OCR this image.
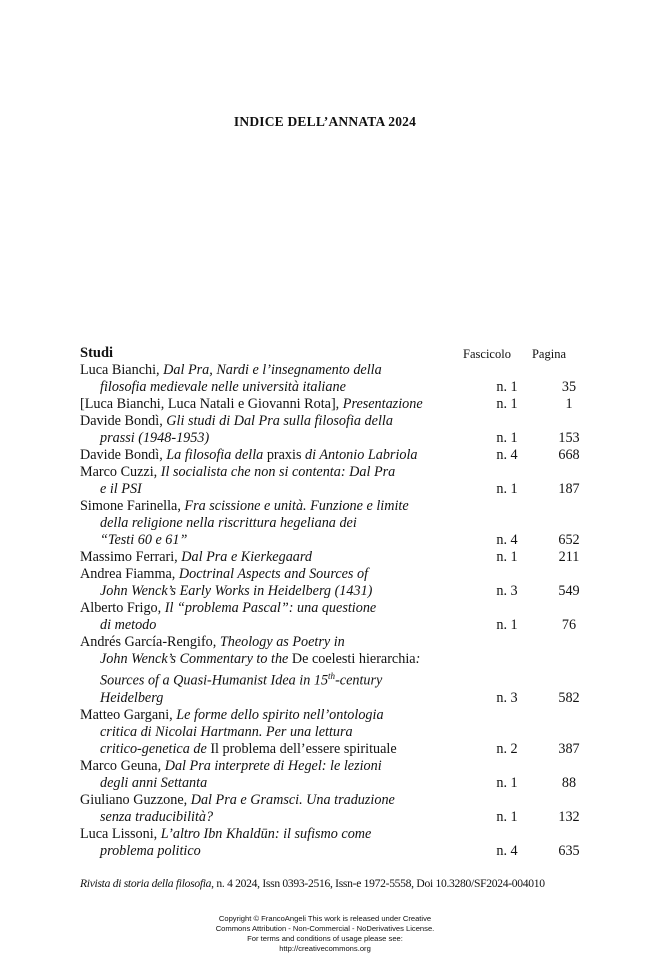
INDICE DELL’ANNATA 2024
Studi	Fascicolo	Pagina
Luca Bianchi, Dal Pra, Nardi e l’insegnamento della
filosofia medievale nelle università italiane	n. 1	35
[Luca Bianchi, Luca Natali e Giovanni Rota], Presentazione	n. 1	1
Davide Bondì, Gli studi di Dal Pra sulla filosofia della
prassi (1948-1953)	n. 1	153
Davide Bondì, La filosofia della praxis di Antonio Labriola	n. 4	668
Marco Cuzzi, Il socialista che non si contenta: Dal Pra
e il PSI	n. 1	187
Simone Farinella, Fra scissione e unità. Funzione e limite
della religione nella riscrittura hegeliana dei
“Testi 60 e 61”	n. 4	652
Massimo Ferrari, Dal Pra e Kierkegaard	n. 1	211
Andrea Fiamma, Doctrinal Aspects and Sources of
John Wenck’s Early Works in Heidelberg (1431)	n. 3	549
Alberto Frigo, Il “problema Pascal”: una questione
di metodo	n. 1	76
Andrés García-Rengifo, Theology as Poetry in
John Wenck’s Commentary to the De coelesti hierarchia:
Sources of a Quasi-Humanist Idea in 15th-century
Heidelberg	n. 3	582
Matteo Gargani, Le forme dello spirito nell’ontologia
critica di Nicolai Hartmann. Per una lettura
critico-genetica de Il problema dell’essere spirituale	n. 2	387
Marco Geuna, Dal Pra interprete di Hegel: le lezioni
degli anni Settanta	n. 1	88
Giuliano Guzzone, Dal Pra e Gramsci. Una traduzione
senza traducibilità?	n. 1	132
Luca Lissoni, L’altro Ibn Khaldūn: il sufismo come
problema politico	n. 4	635
Rivista di storia della filosofia, n. 4 2024, Issn 0393-2516, Issn-e 1972-5558, Doi 10.3280/SF2024-004010
Copyright © FrancoAngeli This work is released under Creative
Commons Attribution - Non-Commercial - NoDerivatives License.
For terms and conditions of usage please see:
http://creativecommons.org
